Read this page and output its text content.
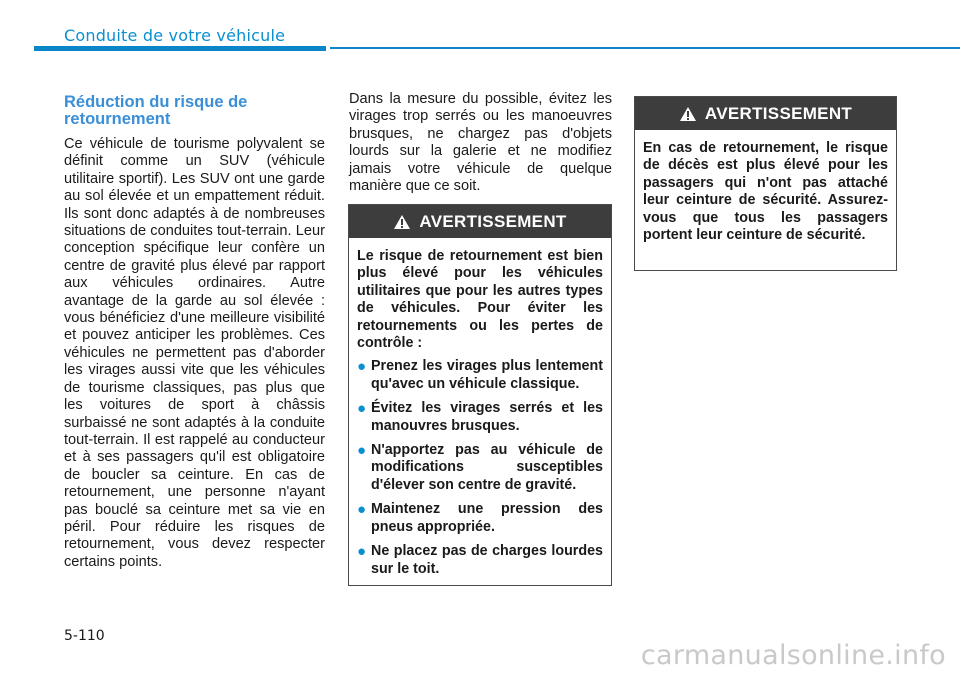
Conduite de votre véhicule
Réduction du risque de retournement

Ce véhicule de tourisme polyvalent se définit comme un SUV (véhicule utilitaire sportif). Les SUV ont une garde au sol élevée et un empattement réduit. Ils sont donc adaptés à de nombreuses situations de conduites tout-terrain. Leur conception spécifique leur confère un centre de gravité plus élevé par rapport aux véhicules ordinaires. Autre avantage de la garde au sol élevée : vous bénéficiez d'une meilleure visibilité et pouvez anticiper les problèmes. Ces véhicules ne permettent pas d'aborder les virages aussi vite que les véhicules de tourisme classiques, pas plus que les voitures de sport à châssis surbaissé ne sont adaptés à la conduite tout-terrain. Il est rappelé au conducteur et à ses passagers qu'il est obligatoire de boucler sa ceinture. En cas de retournement, une personne n'ayant pas bouclé sa ceinture met sa vie en péril. Pour réduire les risques de retournement, vous devez respecter certains points.

Dans la mesure du possible, évitez les virages trop serrés ou les manoeuvres brusques, ne chargez pas d'objets lourds sur la galerie et ne modifiez jamais votre véhicule de quelque manière que ce soit.

AVERTISSEMENT

Le risque de retournement est bien plus élevé pour les véhicules utilitaires que pour les autres types de véhicules. Pour éviter les retournements ou les pertes de contrôle :

● Prenez les virages plus lentement qu'avec un véhicule classique.
● Évitez les virages serrés et les manouvres brusques.
● N'apportez pas au véhicule de modifications susceptibles d'élever son centre de gravité.
● Maintenez une pression des pneus appropriée.
● Ne placez pas de charges lourdes sur le toit.
AVERTISSEMENT

En cas de retournement, le risque de décès est plus élevé pour les passagers qui n'ont pas attaché leur ceinture de sécurité. Assurez-vous que tous les passagers portent leur ceinture de sécurité.

5-110

carmanualsonline.info
